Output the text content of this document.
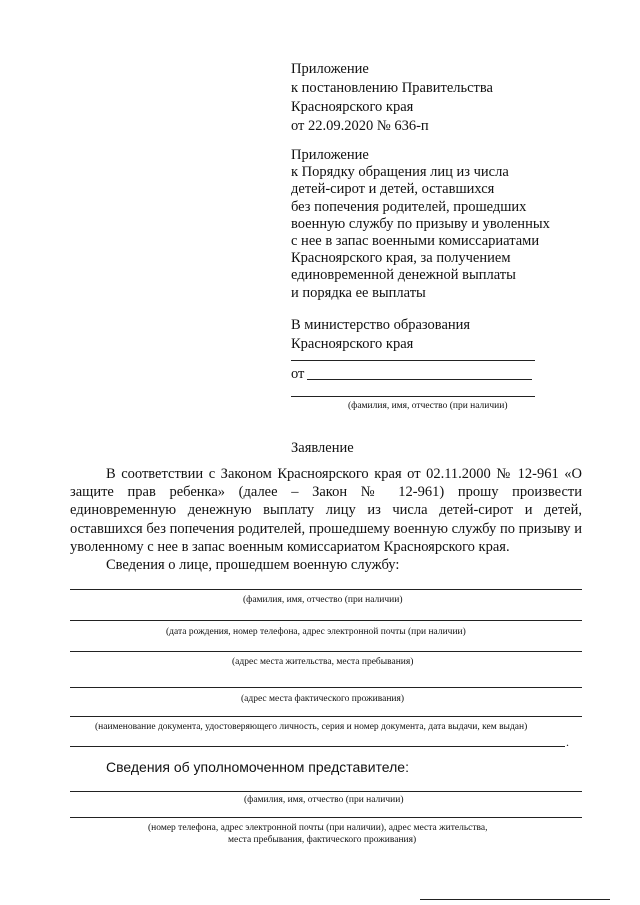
Приложение
к постановлению Правительства
Красноярского края
от 22.09.2020 № 636-п
Приложение
к Порядку обращения лиц из числа
детей-сирот и детей, оставшихся
без попечения родителей, прошедших
военную службу по призыву и уволенных
с нее в запас военными комиссариатами
Красноярского края, за получением
единовременной денежной выплаты
и порядка ее выплаты
В министерство образования
Красноярского края
от
(фамилия, имя, отчество (при наличии)
Заявление

В соответствии с Законом Красноярского края от 02.11.2000 № 12-961 «О защите прав ребенка» (далее – Закон № 12-961) прошу произвести единовременную денежную выплату лицу из числа детей-сирот и детей, оставшихся без попечения родителей, прошедшему военную службу по призыву и уволенному с нее в запас военным комиссариатом Красноярского края.

Сведения о лице, прошедшем военную службу:
(фамилия, имя, отчество (при наличии)
(дата рождения, номер телефона, адрес электронной почты (при наличии)
(адрес места жительства, места пребывания)
(адрес места фактического проживания)
(наименование документа, удостоверяющего личность, серия и номер документа, дата выдачи, кем выдан)
.
Сведения об уполномоченном представителе:
(фамилия, имя, отчество (при наличии)
(номер телефона, адрес электронной почты (при наличии), адрес места жительства,
места пребывания, фактического проживания)
